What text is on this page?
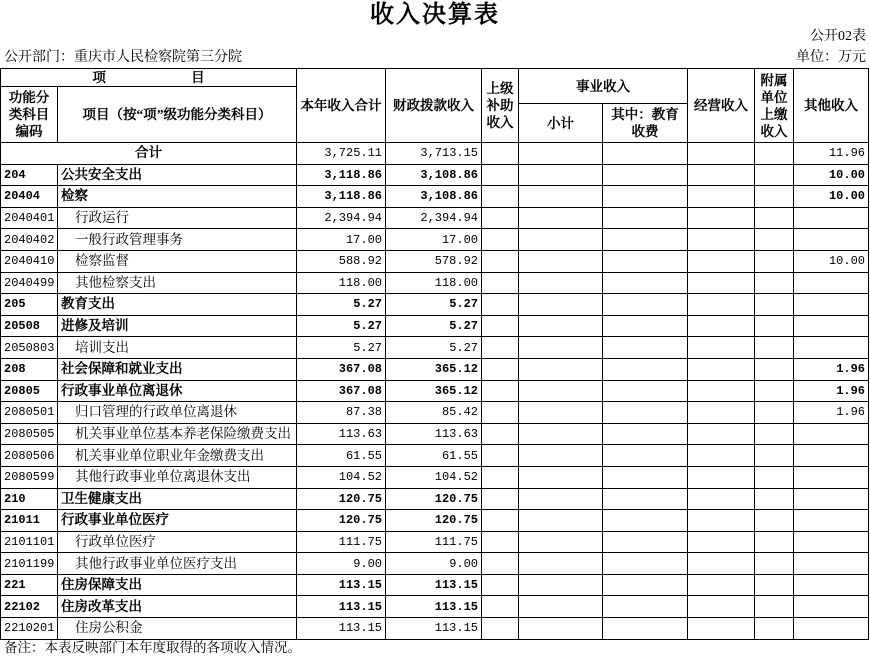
收入决算表
公开02表
公开部门：重庆市人民检察院第三分院	单位：万元
项 目		本年收入合计	财政拨款收入	上级补助收入	事业收入		经营收入	附属单位上缴收入	其他收入

功能分类科目编码	项目（按“项”级功能分类科目）								
					小计	其中：教育收费			

合计		3,725.11	3,713.15						11.96
204	公共安全支出	3,118.86	3,108.86						10.00
20404	检察	3,118.86	3,108.86						10.00
2040401	行政运行	2,394.94	2,394.94						
2040402	一般行政管理事务	17.00	17.00						
2040410	检察监督	588.92	578.92						10.00
2040499	其他检察支出	118.00	118.00						
205	教育支出	5.27	5.27						
20508	进修及培训	5.27	5.27						
2050803	培训支出	5.27	5.27						
208	社会保障和就业支出	367.08	365.12						1.96
20805	行政事业单位离退休	367.08	365.12						1.96
2080501	归口管理的行政单位离退休	87.38	85.42						1.96
2080505	机关事业单位基本养老保险缴费支出	113.63	113.63						
2080506	机关事业单位职业年金缴费支出	61.55	61.55						
2080599	其他行政事业单位离退休支出	104.52	104.52						
210	卫生健康支出	120.75	120.75						
21011	行政事业单位医疗	120.75	120.75						
2101101	行政单位医疗	111.75	111.75						
2101199	其他行政事业单位医疗支出	9.00	9.00						
221	住房保障支出	113.15	113.15						
22102	住房改革支出	113.15	113.15						
2210201	住房公积金	113.15	113.15						
备注：本表反映部门本年度取得的各项收入情况。
